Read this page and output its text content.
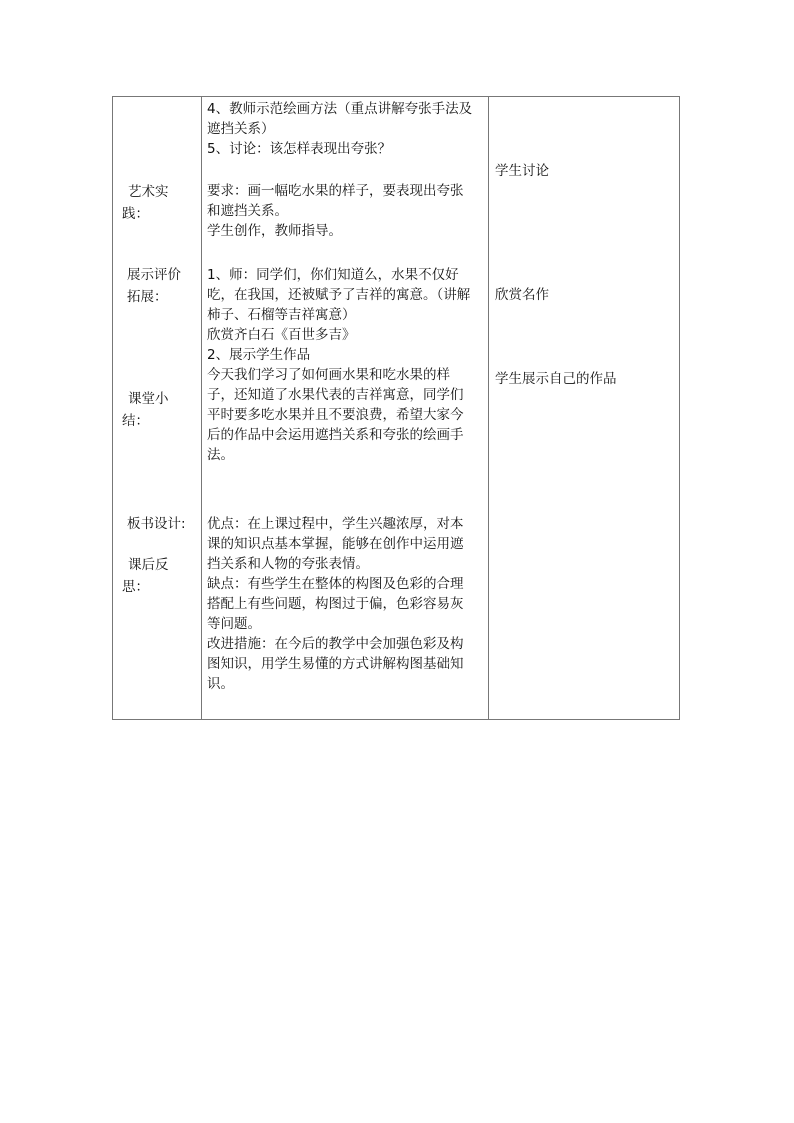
艺术实
践：
展示评价
拓展：
课堂小
结：
板书设计:
课后反
思：
4、教师示范绘画方法（重点讲解夸张手法及
遮挡关系）
5、讨论：该怎样表现出夸张？
要求：画一幅吃水果的样子，要表现出夸张
和遮挡关系。
学生创作，教师指导。
1、师：同学们，你们知道么，水果不仅好
吃，在我国，还被赋予了吉祥的寓意。（讲解
柿子、石榴等吉祥寓意）
欣赏齐白石《百世多吉》
2、展示学生作品
今天我们学习了如何画水果和吃水果的样
子，还知道了水果代表的吉祥寓意，同学们
平时要多吃水果并且不要浪费，希望大家今
后的作品中会运用遮挡关系和夸张的绘画手
法。
优点：在上课过程中，学生兴趣浓厚，对本
课的知识点基本掌握，能够在创作中运用遮
挡关系和人物的夸张表情。
缺点：有些学生在整体的构图及色彩的合理
搭配上有些问题，构图过于偏，色彩容易灰
等问题。
改进措施：在今后的教学中会加强色彩及构
图知识，用学生易懂的方式讲解构图基础知
识。
学生讨论
欣赏名作
学生展示自己的作品
